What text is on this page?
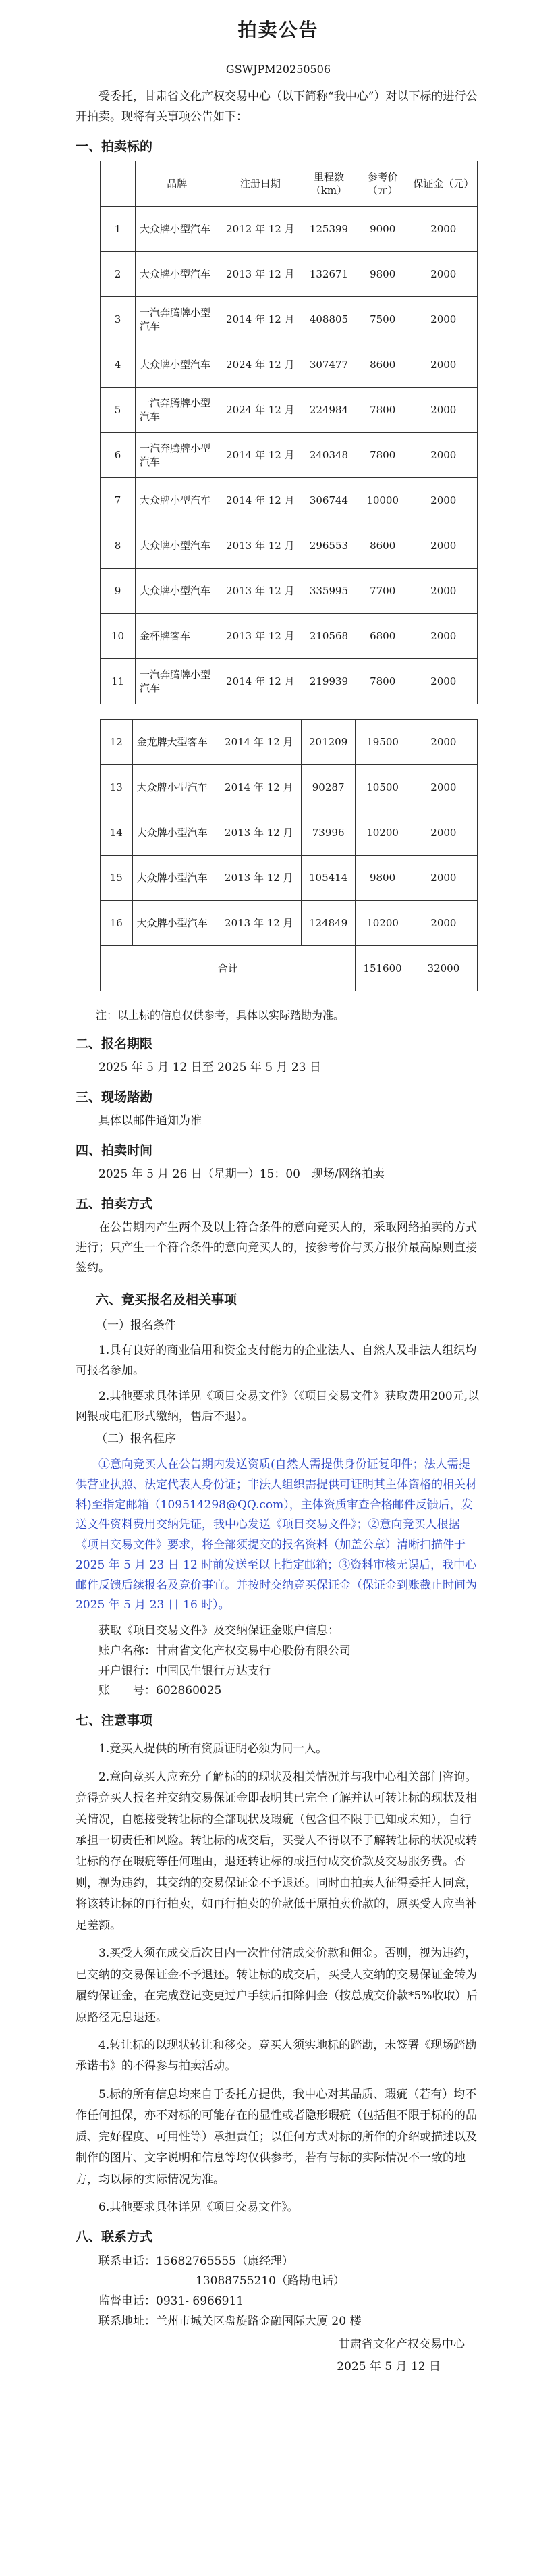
拍卖公告

GSWJPM20250506

受委托，甘肃省文化产权交易中心（以下简称“我中心”）对以下标的进行公开拍卖。现将有关事项公告如下：

一、拍卖标的

	品牌	注册日期	里程数（km）	参考价（元）	保证金（元）
1	大众牌小型汽车	2012 年 12 月	125399	9000	2000
2	大众牌小型汽车	2013 年 12 月	132671	9800	2000
3	一汽奔腾牌小型汽车	2014 年 12 月	408805	7500	2000
4	大众牌小型汽车	2024 年 12 月	307477	8600	2000
5	一汽奔腾牌小型汽车	2024 年 12 月	224984	7800	2000
6	一汽奔腾牌小型汽车	2014 年 12 月	240348	7800	2000
7	大众牌小型汽车	2014 年 12 月	306744	10000	2000
8	大众牌小型汽车	2013 年 12 月	296553	8600	2000
9	大众牌小型汽车	2013 年 12 月	335995	7700	2000
10	金杯牌客车	2013 年 12 月	210568	6800	2000
11	一汽奔腾牌小型汽车	2014 年 12 月	219939	7800	2000
12	金龙牌大型客车	2014 年 12 月	201209	19500	2000
13	大众牌小型汽车	2014 年 12 月	90287	10500	2000
14	大众牌小型汽车	2013 年 12 月	73996	10200	2000
15	大众牌小型汽车	2013 年 12 月	105414	9800	2000
16	大众牌小型汽车	2013 年 12 月	124849	10200	2000
合计				151600	32000

注：以上标的信息仅供参考，具体以实际踏勘为准。

二、报名期限

2025 年 5 月 12 日至 2025 年 5 月 23 日

三、现场踏勘

具体以邮件通知为准

四、拍卖时间

2025 年 5 月 26 日（星期一）15：00　现场/网络拍卖

五、拍卖方式

在公告期内产生两个及以上符合条件的意向竞买人的，采取网络拍卖的方式进行；只产生一个符合条件的意向竞买人的，按参考价与买方报价最高原则直接签约。

六、竞买报名及相关事项

（一）报名条件

1.具有良好的商业信用和资金支付能力的企业法人、自然人及非法人组织均可报名参加。

2.其他要求具体详见《项目交易文件》（《项目交易文件》获取费用200元,以网银或电汇形式缴纳，售后不退）。

（二）报名程序

①意向竞买人在公告期内发送资质(自然人需提供身份证复印件；法人需提供营业执照、法定代表人身份证；非法人组织需提供可证明其主体资格的相关材料)至指定邮箱（109514298@QQ.com），主体资质审查合格邮件反馈后，发送文件资料费用交纳凭证，我中心发送《项目交易文件》；②意向竞买人根据《项目交易文件》要求，将全部须提交的报名资料（加盖公章）清晰扫描件于 2025 年 5 月 23 日 12 时前发送至以上指定邮箱；③资料审核无误后，我中心邮件反馈后续报名及竞价事宜。并按时交纳竞买保证金（保证金到账截止时间为 2025 年 5 月 23 日 16 时）。

获取《项目交易文件》及交纳保证金账户信息：

账户名称：甘肃省文化产权交易中心股份有限公司

开户银行：中国民生银行万达支行

账　　号：602860025

七、注意事项

1.竞买人提供的所有资质证明必须为同一人。

2.意向竞买人应充分了解标的的现状及相关情况并与我中心相关部门咨询。竞得竞买人报名并交纳交易保证金即表明其已完全了解并认可转让标的现状及相关情况，自愿接受转让标的全部现状及瑕疵（包含但不限于已知或未知），自行承担一切责任和风险。转让标的成交后，买受人不得以不了解转让标的状况或转让标的存在瑕疵等任何理由，退还转让标的或拒付成交价款及交易服务费。否则，视为违约，其交纳的交易保证金不予退还。同时由拍卖人征得委托人同意，将该转让标的再行拍卖，如再行拍卖的价款低于原拍卖价款的，原买受人应当补足差额。

3.买受人须在成交后次日内一次性付清成交价款和佣金。否则，视为违约，已交纳的交易保证金不予退还。转让标的成交后，买受人交纳的交易保证金转为履约保证金，在完成登记变更过户手续后扣除佣金（按总成交价款*5%收取）后原路径无息退还。

4.转让标的以现状转让和移交。竞买人须实地标的踏勘，未签署《现场踏勘承诺书》的不得参与拍卖活动。

5.标的所有信息均来自于委托方提供，我中心对其品质、瑕疵（若有）均不作任何担保，亦不对标的可能存在的显性或者隐形瑕疵（包括但不限于标的的品质、完好程度、可用性等）承担责任；以任何方式对标的所作的介绍或描述以及制作的图片、文字说明和信息等均仅供参考，若有与标的实际情况不一致的地方，均以标的实际情况为准。

6.其他要求具体详见《项目交易文件》。

八、联系方式

联系电话：15682765555（康经理）

13088755210（路勘电话）

监督电话：0931- 6966911

联系地址：兰州市城关区盘旋路金融国际大厦 20 楼

甘肃省文化产权交易中心

2025 年 5 月 12 日
